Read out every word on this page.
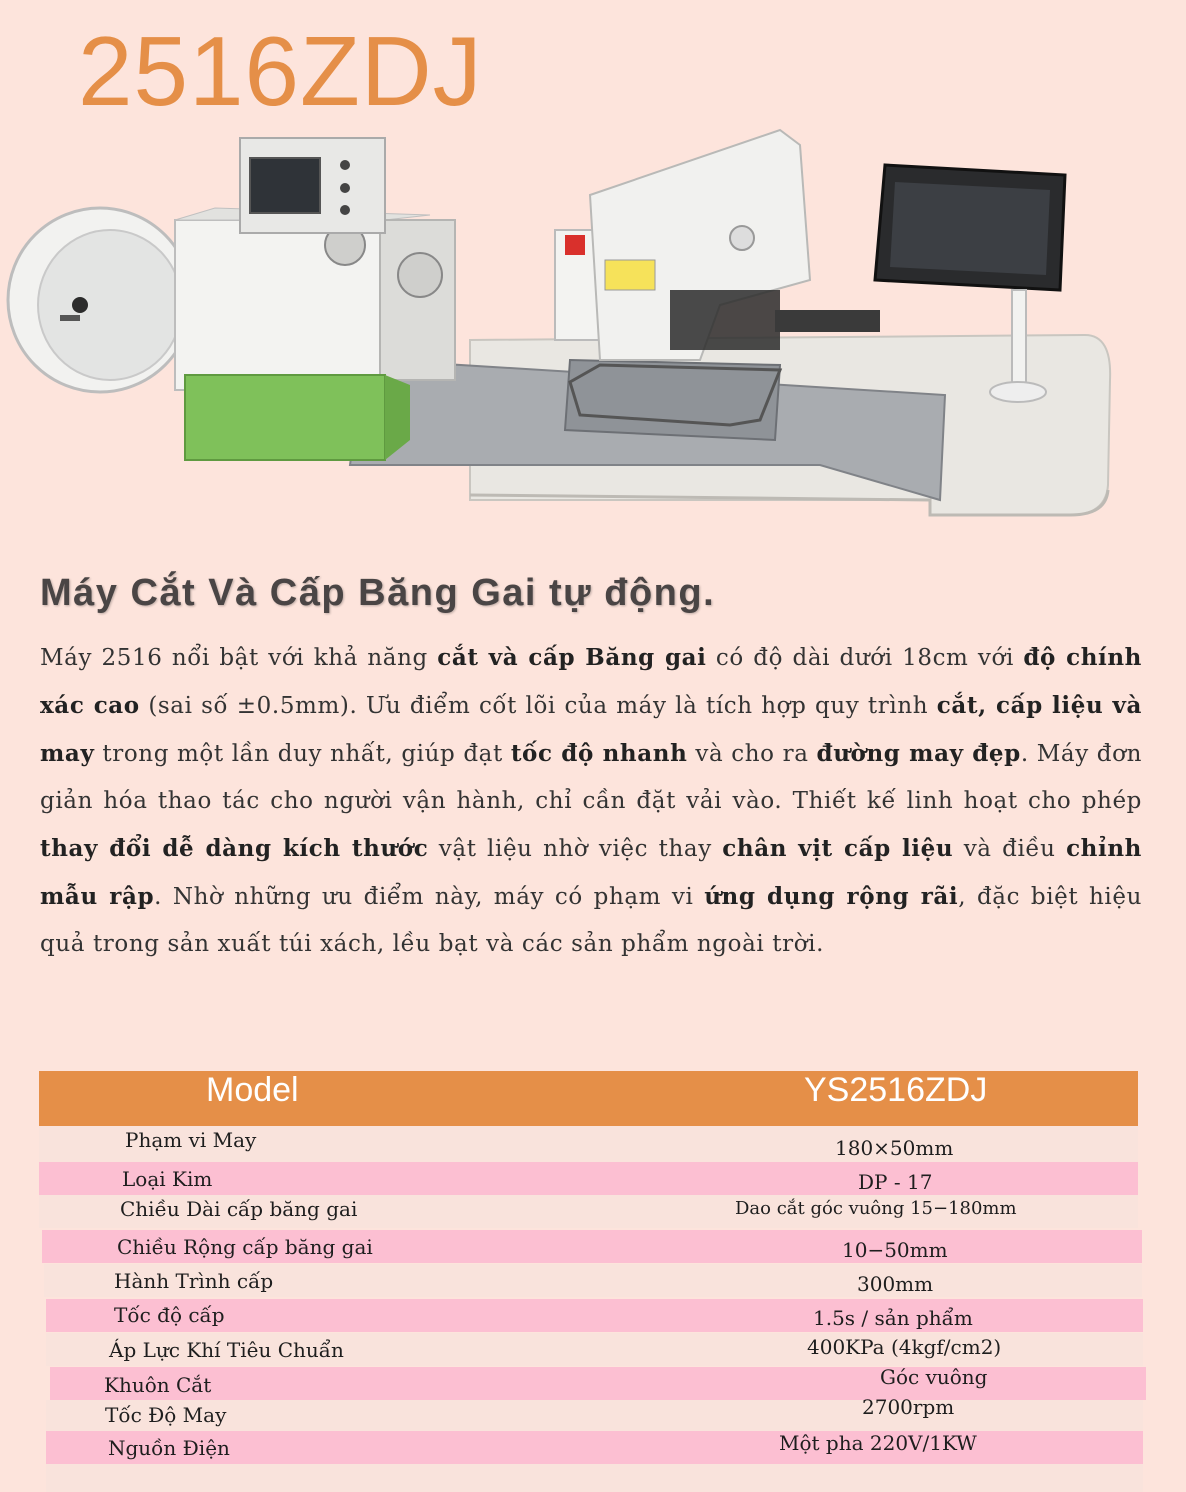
2516ZDJ
Máy Cắt Và Cấp Băng Gai tự động.
Máy 2516 nổi bật với khả năng cắt và cấp Băng gai có độ dài dưới 18cm với độ chính xác cao (sai số ±0.5mm). Ưu điểm cốt lõi của máy là tích hợp quy trình cắt, cấp liệu và may trong một lần duy nhất, giúp đạt tốc độ nhanh và cho ra đường may đẹp. Máy đơn giản hóa thao tác cho người vận hành, chỉ cần đặt vải vào. Thiết kế linh hoạt cho phép thay đổi dễ dàng kích thước vật liệu nhờ việc thay chân vịt cấp liệu và điều chỉnh mẫu rập. Nhờ những ưu điểm này, máy có phạm vi ứng dụng rộng rãi, đặc biệt hiệu quả trong sản xuất túi xách, lều bạt và các sản phẩm ngoài trời.
Model	YS2516ZDJ
Phạm vi May	180×50mm
Loại Kim	DP - 17
Chiều Dài cấp băng gai	Dao cắt góc vuông 15−180mm
Chiều Rộng cấp băng gai	10−50mm
Hành Trình cấp	300mm
Tốc độ cấp	1.5s / sản phẩm
Áp Lực Khí Tiêu Chuẩn	400KPa (4kgf/cm2)
Khuôn Cắt	Góc vuông
Tốc Độ May	2700rpm
Nguồn Điện	Một pha 220V/1KW
